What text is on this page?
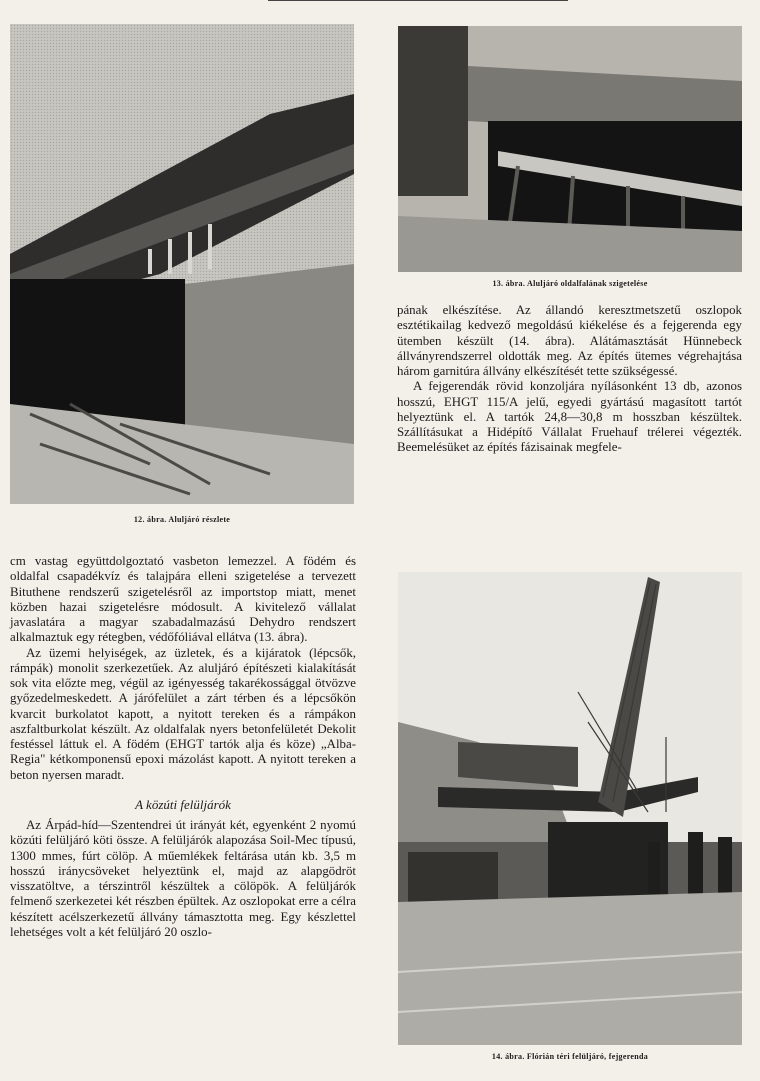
12. ábra. Aluljáró részlete
13. ábra. Aluljáró oldalfalának szigetelése

pának elkészítése. Az állandó keresztmetszetű oszlopok esztétikailag kedvező megoldású kiékelése és a fejgerenda egy ütemben készült (14. ábra). Alátámasztását Hünnebeck állványrendszerrel oldották meg. Az építés ütemes végrehajtása három garnitúra állvány elkészítését tette szükségessé.

A fejgerendák rövid konzoljára nyílásonként 13 db, azonos hosszú, EHGT 115/A jelű, egyedi gyártású magasított tartót helyeztünk el. A tartók 24,8—30,8 m hosszban készültek. Szállításukat a Hidépítő Vállalat Fruehauf trélerei végezték. Beemelésüket az építés fázisainak megfele-

14. ábra. Flórián téri felüljáró, fejgerenda

cm vastag együttdolgoztató vasbeton lemezzel. A födém és oldalfal csapadékvíz és talajpára elleni szigetelése a tervezett Bituthene rendszerű szigetelésről az importstop miatt, menet közben hazai szigetelésre módosult. A kivitelező vállalat javaslatára a magyar szabadalmazású Dehydro rendszert alkalmaztuk egy rétegben, védőfóliával ellátva (13. ábra).

Az üzemi helyiségek, az üzletek, és a kijáratok (lépcsők, rámpák) monolit szerkezetűek. Az aluljáró építészeti kialakítását sok vita előzte meg, végül az igényesség takarékossággal ötvözve győzedelmeskedett. A járófelület a zárt térben és a lépcsőkön kvarcit burkolatot kapott, a nyitott tereken és a rámpákon aszfaltburkolat készült. Az oldalfalak nyers betonfelületét Dekolit festéssel láttuk el. A födém (EHGT tartók alja és köze) „Alba-Regia" kétkomponensű epoxi mázolást kapott. A nyitott tereken a beton nyersen maradt.

A közúti felüljárók

Az Árpád-híd—Szentendrei út irányát két, egyenként 2 nyomú közúti felüljáró köti össze. A felüljárók alapozása Soil-Mec típusú, 1300 mmes, fúrt cölöp. A műemlékek feltárása után kb. 3,5 m hosszú iránycsöveket helyeztünk el, majd az alapgödröt visszatöltve, a térszintről készültek a cölöpök. A felüljárók felmenő szerkezetei két részben épültek. Az oszlopokat erre a célra készített acélszerkezetű állvány támasztotta meg. Egy készlettel lehetséges volt a két felüljáró 20 oszlo-
